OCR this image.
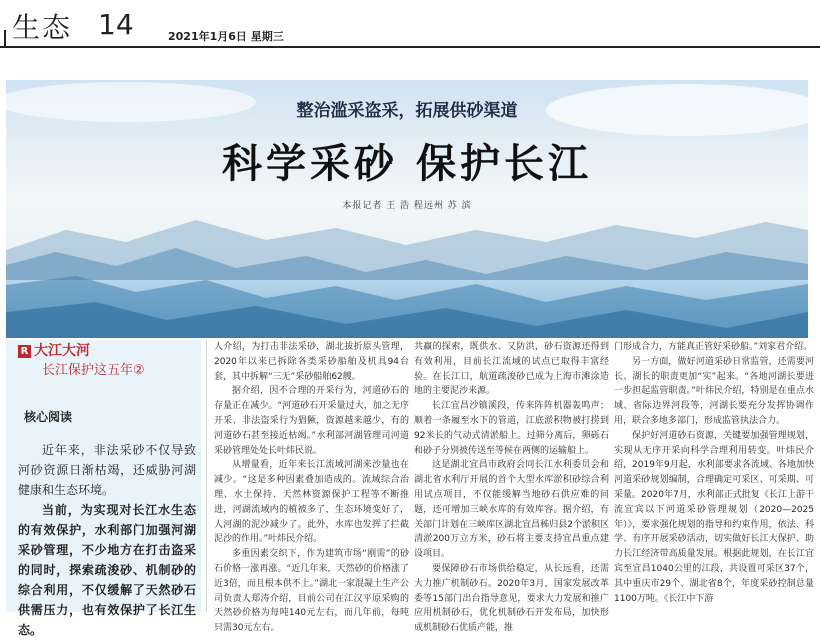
生态 14	2021年1月6日 星期三
整治滥采盗采，拓展供砂渠道
科学采砂 保护长江
本报记者 王 浩 程远州 苏 滨
R 大江大河
长江保护这五年②
核心阅读

近年来，非法采砂不仅导致河砂资源日渐枯竭，还威胁河湖健康和生态环境。

当前，为实现对长江水生态的有效保护，水利部门加强河湖采砂管理，不少地方在打击盗采的同时，探索疏浚砂、机制砂的综合利用，不仅缓解了天然砂石供需压力，也有效保护了长江生态。

人介绍，为打击非法采砂，湖北拔折原头管理，2020年以来已拆除各类采砂船舶及机具94台套，其中拆解“三无”采砂船舶62艘。

据介绍，因不合理的开采行为，河道砂石的存量正在减少。“河道砂石开采量过大，加之无序开采、非法盗采行为猖獗，资源越来越少，有的河道砂石甚至接近枯竭。”水利部河湖管理司河道采砂管理处处长叶炜民说。

从增量看，近年来长江流域河湖来沙量也在减少。“这是多种因素叠加造成的。流域综合治理、水土保持、天然林资源保护工程等不断推进，河湖流域内的植被多了，生态环境变好了，人河湖的泥沙减少了。此外，水库也发挥了拦截泥沙的作用。”叶炜民介绍。

多重因素交织下，作为建筑市场“刚需”的砂石价格一涨再涨。“近几年来，天然砂的价格涨了近3倍，而且根本供不上。”湖北一家混凝土生产公司负责人郑涛介绍，目前公司在江汉平原采购的天然砂价格为每吨140元左右，而几年前，每吨只需30元左右。

共赢的探索，既供水、又防洪，砂石资源还得到有效利用，目前长江流域的试点已取得丰富经验。在长江口，航道疏浚砂已成为上海市滩涂造地的主要泥沙来源。

长江宜昌沙镇溪段，传来阵阵机器轰鸣声；顺着一条履至水下的管道，江底淤积物被打捞到92米长的气动式清淤船上。过筛分离后，卵砾石和砂子分别被传送至等候在两侧的运输船上。

这是湖北宜昌市政府会同长江水利委员会和湖北省水利厅开展的首个大型水库淤积砂综合利用试点项目，不仅能缓解当地砂石供应难的问题，还可增加三峡水库的有效库容。据介绍，有关部门计划在三峡库区湖北宜昌秭归县2个淤积区清淤200万立方米，砂石将主要支持宜昌重点建设项目。

要保障砂石市场供给稳定，从长远看，还需大力推广机制砂石。2020年3月，国家发展改革委等15部门出台指导意见，要求大力发展和推广应用机制砂石，优化机制砂石开发布局，加快形成机制砂石优质产能，推

门形成合力，方能真正管好采砂船。”刘家君介绍。

另一方面，做好河道采砂日常监管，还需要河长、湖长的职责更加“实”起来。“各地河湖长要进一步担起监管职责。”叶炜民介绍，特别是在重点水域、省际边界河段等，河湖长要充分发挥协调作用，联合多地多部门，形成监管执法合力。

保护好河道砂石资源，关键要加强管理规划，实现从无序开采向科学合理利用转变。叶炜民介绍，2019年9月起，水利部要求各流域、各地加快河道采砂规划编制，合理确定可采区、可采期、可采量。2020年7月，水利部正式批复《长江上游干流宜宾以下河道采砂管理规划（2020—2025年）》，要求强化规划的指导和约束作用，依法、科学、有序开展采砂活动，切实做好长江大保护、助力长江经济带高质量发展。根据此规划，在长江宜宾至宜昌1040公里的江段，共设置可采区37个，其中重庆市29个、湖北省8个，年度采砂控制总量1100万吨。《长江中下游
